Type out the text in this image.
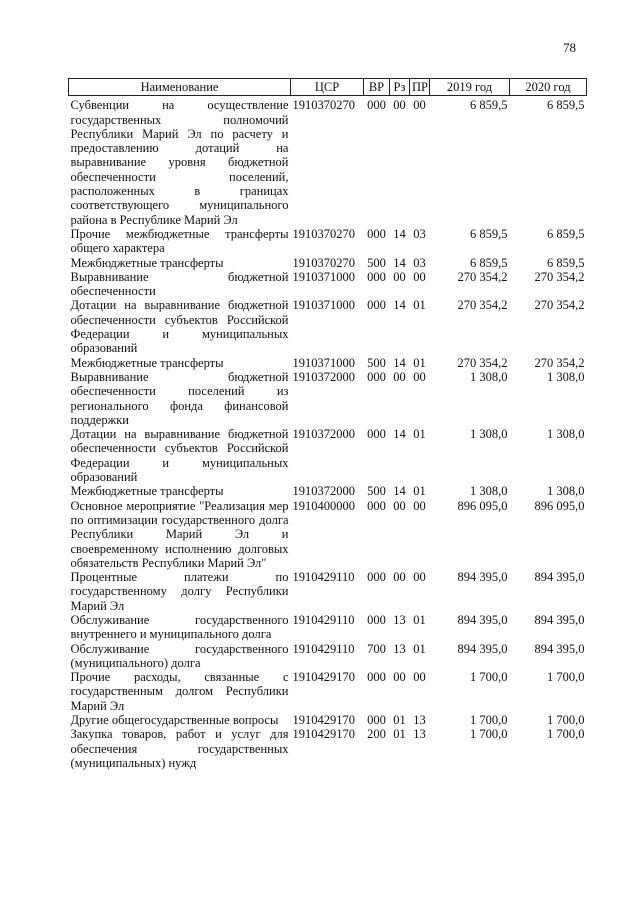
78
Наименование	ЦСР	ВР	Рз	ПР	2019 год	2020 год
Субвенции на осуществление государственных полномочий Республики Марий Эл по расчету и предоставлению дотаций на выравнивание уровня бюджетной обеспеченности поселений, расположенных в границах соответствующего муниципального района в Республике Марий Эл	1910370270	000	00	00	6 859,5	6 859,5
Прочие межбюджетные трансферты общего характера	1910370270	000	14	03	6 859,5	6 859,5
Межбюджетные трансферты	1910370270	500	14	03	6 859,5	6 859,5
Выравнивание бюджетной обеспеченности	1910371000	000	00	00	270 354,2	270 354,2
Дотации на выравнивание бюджетной обеспеченности субъектов Российской Федерации и муниципальных образований	1910371000	000	14	01	270 354,2	270 354,2
Межбюджетные трансферты	1910371000	500	14	01	270 354,2	270 354,2
Выравнивание бюджетной обеспеченности поселений из регионального фонда финансовой поддержки	1910372000	000	00	00	1 308,0	1 308,0
Дотации на выравнивание бюджетной обеспеченности субъектов Российской Федерации и муниципальных образований	1910372000	000	14	01	1 308,0	1 308,0
Межбюджетные трансферты	1910372000	500	14	01	1 308,0	1 308,0
Основное мероприятие "Реализация мер по оптимизации государственного долга Республики Марий Эл и своевременному исполнению долговых обязательств Республики Марий Эл"	1910400000	000	00	00	896 095,0	896 095,0
Процентные платежи по государственному долгу Республики Марий Эл	1910429110	000	00	00	894 395,0	894 395,0
Обслуживание государственного внутреннего и муниципального долга	1910429110	000	13	01	894 395,0	894 395,0
Обслуживание государственного (муниципального) долга	1910429110	700	13	01	894 395,0	894 395,0
Прочие расходы, связанные с государственным долгом Республики Марий Эл	1910429170	000	00	00	1 700,0	1 700,0
Другие общегосударственные вопросы	1910429170	000	01	13	1 700,0	1 700,0
Закупка товаров, работ и услуг для обеспечения государственных (муниципальных) нужд	1910429170	200	01	13	1 700,0	1 700,0
